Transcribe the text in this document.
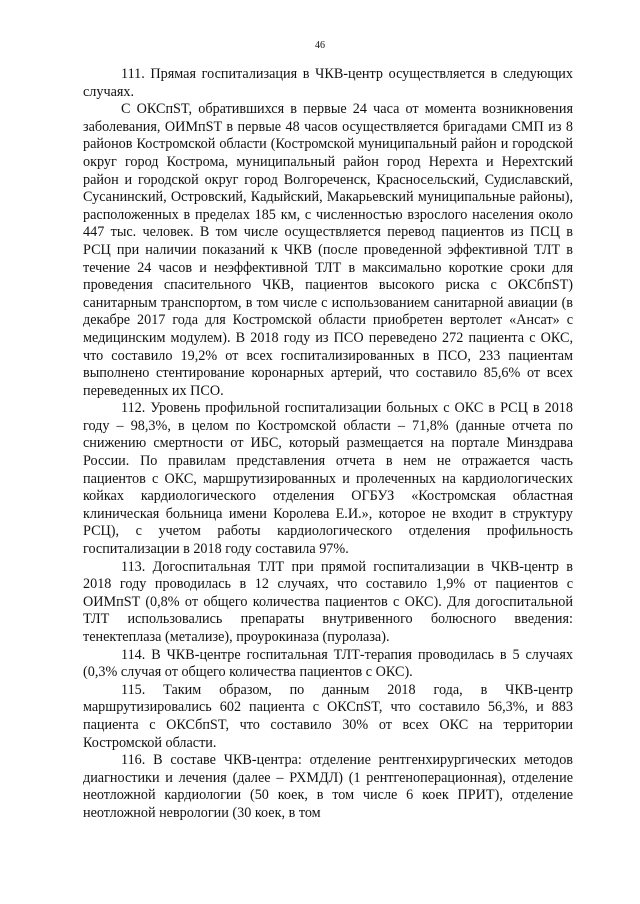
46

111. Прямая госпитализация в ЧКВ-центр осуществляется в следующих случаях.

С ОКСпST, обратившихся в первые 24 часа от момента возникновения заболевания, ОИМпST в первые 48 часов осуществляется бригадами СМП из 8 районов Костромской области (Костромской муниципальный район и городской округ город Кострома, муниципальный район город Нерехта и Нерехтский район и городской округ город Волгореченск, Красносельский, Судиславский, Сусанинский, Островский, Кадыйский, Макарьевский муниципальные районы), расположенных в пределах 185 км, с численностью взрослого населения около 447 тыс. человек. В том числе осуществляется перевод пациентов из ПСЦ в РСЦ при наличии показаний к ЧКВ (после проведенной эффективной ТЛТ в течение 24 часов и неэффективной ТЛТ в максимально короткие сроки для проведения спасительного ЧКВ, пациентов высокого риска с ОКСбпST) санитарным транспортом, в том числе с использованием санитарной авиации (в декабре 2017 года для Костромской области приобретен вертолет «Ансат» с медицинским модулем). В 2018 году из ПСО переведено 272 пациента с ОКС, что составило 19,2% от всех госпитализированных в ПСО, 233 пациентам выполнено стентирование коронарных артерий, что составило 85,6% от всех переведенных их ПСО.

112. Уровень профильной госпитализации больных с ОКС в РСЦ в 2018 году – 98,3%, в целом по Костромской области – 71,8% (данные отчета по снижению смертности от ИБС, который размещается на портале Минздрава России. По правилам представления отчета в нем не отражается часть пациентов с ОКС, маршрутизированных и пролеченных на кардиологических койках кардиологического отделения ОГБУЗ «Костромская областная клиническая больница имени Королева Е.И.», которое не входит в структуру РСЦ), с учетом работы кардиологического отделения профильность госпитализации в 2018 году составила 97%.

113. Догоспитальная ТЛТ при прямой госпитализации в ЧКВ-центр в 2018 году проводилась в 12 случаях, что составило 1,9% от пациентов с ОИМпST (0,8% от общего количества пациентов с ОКС). Для догоспитальной ТЛТ использовались препараты внутривенного болюсного введения: тенектеплаза (метализе), проурокиназа (пуролаза).

114. В ЧКВ-центре госпитальная ТЛТ-терапия проводилась в 5 случаях (0,3% случая от общего количества пациентов с ОКС).

115. Таким образом, по данным 2018 года, в ЧКВ-центр маршрутизировались 602 пациента с ОКСпST, что составило 56,3%, и 883 пациента с ОКСбпST, что составило 30% от всех ОКС на территории Костромской области.

116. В составе ЧКВ-центра: отделение рентгенхирургических методов диагностики и лечения (далее – РХМДЛ) (1 рентгеноперационная), отделение неотложной кардиологии (50 коек, в том числе 6 коек ПРИТ), отделение неотложной неврологии (30 коек, в том
